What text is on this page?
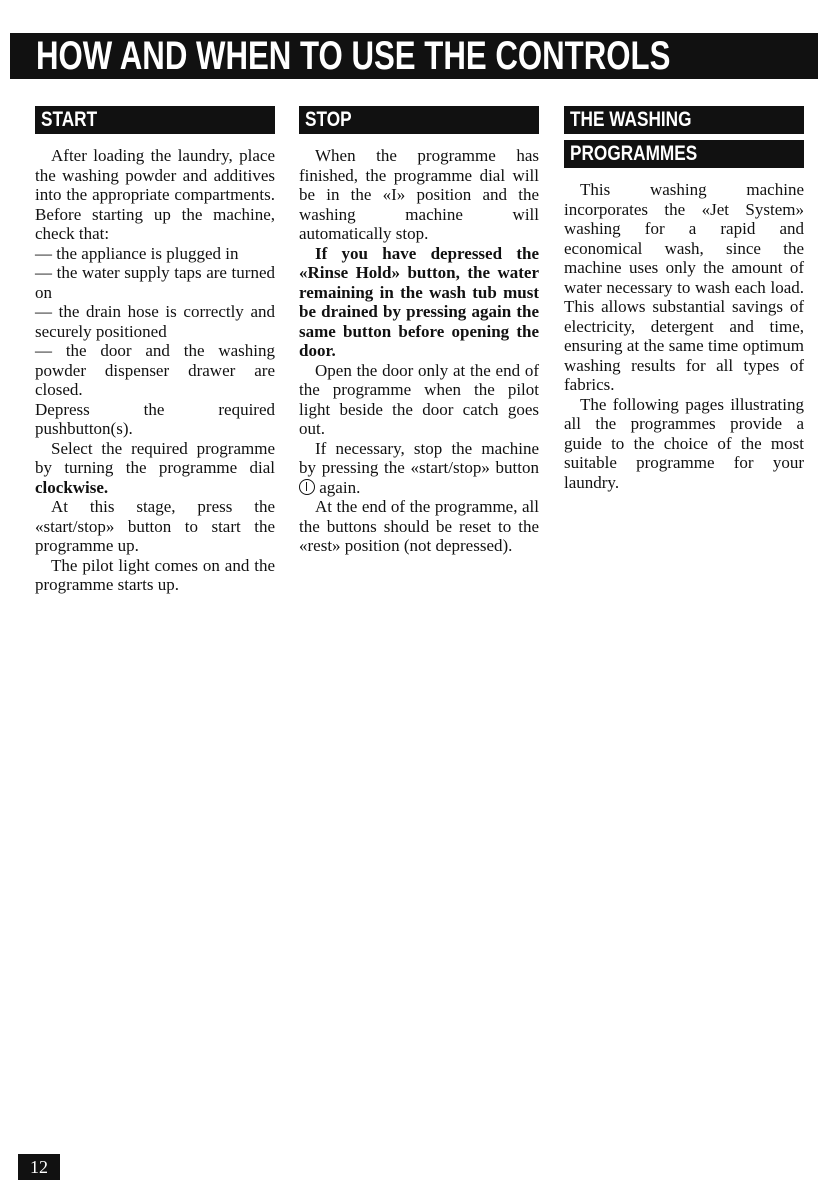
HOW AND WHEN TO USE THE CONTROLS
START

After loading the laundry, place the washing powder and additives into the appropriate compartments. Before starting up the machine, check that:

— the appliance is plugged in

— the water supply taps are turned on

— the drain hose is correctly and securely positioned

— the door and the washing powder dispenser drawer are closed.

Depress the required pushbutton(s).

Select the required programme by turning the programme dial clockwise.

At this stage, press the «start/stop» button to start the programme up.

The pilot light comes on and the programme starts up.

STOP

When the programme has finished, the programme dial will be in the «I» position and the washing machine will automatically stop.

If you have depressed the «Rinse Hold» button, the water remaining in the wash tub must be drained by pressing again the same button before opening the door.

Open the door only at the end of the programme when the pilot light beside the door catch goes out.

If necessary, stop the machine by pressing the «start/stop» button  again.

At the end of the programme, all the buttons should be reset to the «rest» position (not depressed).

THE WASHING
PROGRAMMES

This washing machine incorporates the «Jet System» washing for a rapid and economical wash, since the machine uses only the amount of water necessary to wash each load. This allows substantial savings of electricity, detergent and time, ensuring at the same time optimum washing results for all types of fabrics.

The following pages illustrating all the programmes provide a guide to the choice of the most suitable programme for your laundry.

12
